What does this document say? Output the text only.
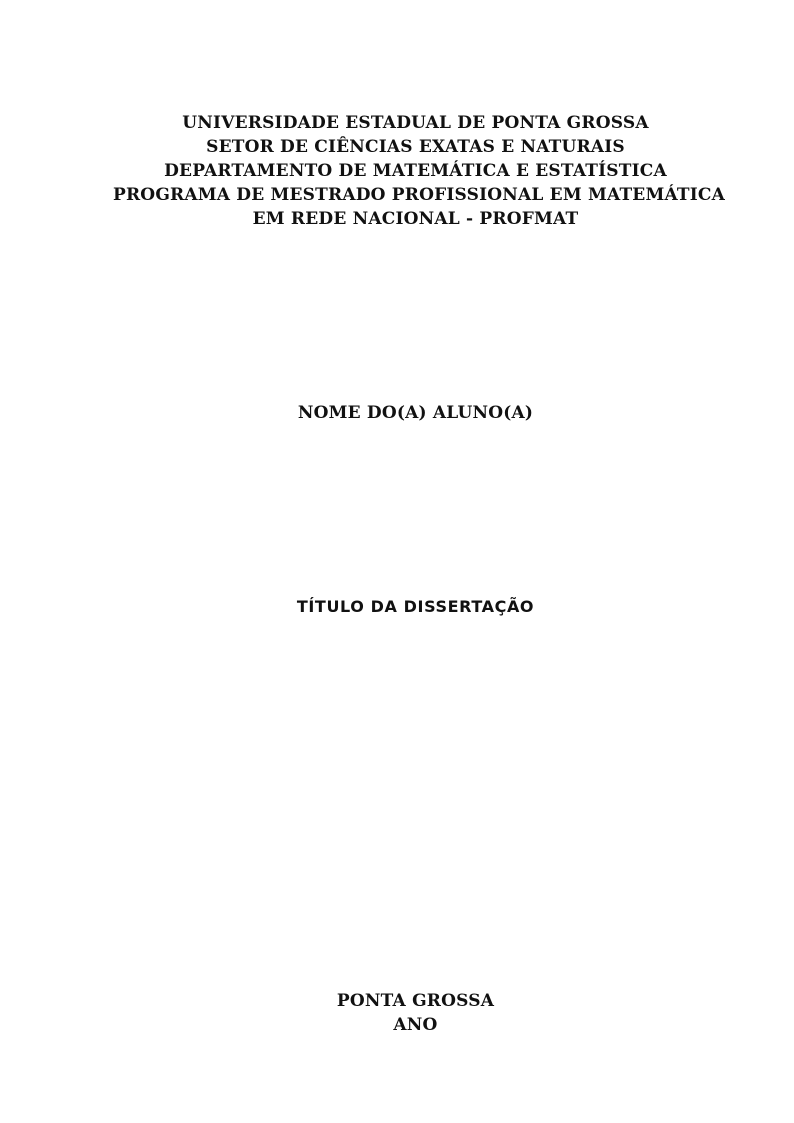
UNIVERSIDADE ESTADUAL DE PONTA GROSSA
SETOR DE CIÊNCIAS EXATAS E NATURAIS
DEPARTAMENTO DE MATEMÁTICA E ESTATÍSTICA
PROGRAMA DE MESTRADO PROFISSIONAL EM MATEMÁTICA
EM REDE NACIONAL - PROFMAT
NOME DO(A) ALUNO(A)
TÍTULO DA DISSERTAÇÃO
PONTA GROSSA
ANO
